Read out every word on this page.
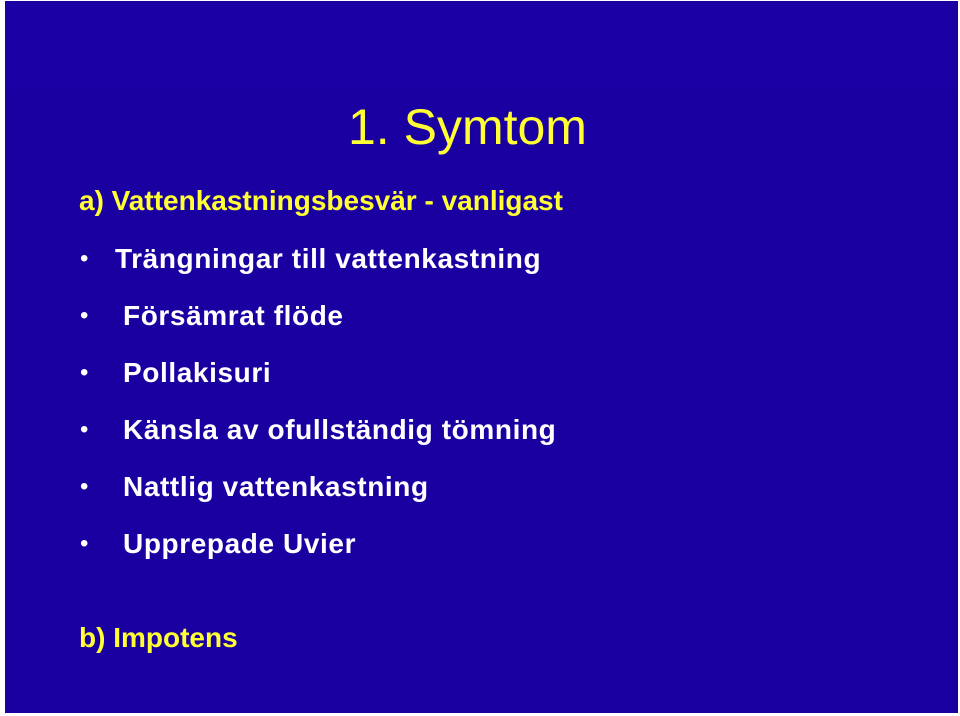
1. Symtom
a) Vattenkastningsbesvär - vanligast
• Trängningar till vattenkastning
• Försämrat flöde
• Pollakisuri
• Känsla av ofullständig tömning
• Nattlig vattenkastning
• Upprepade Uvier
b) Impotens
